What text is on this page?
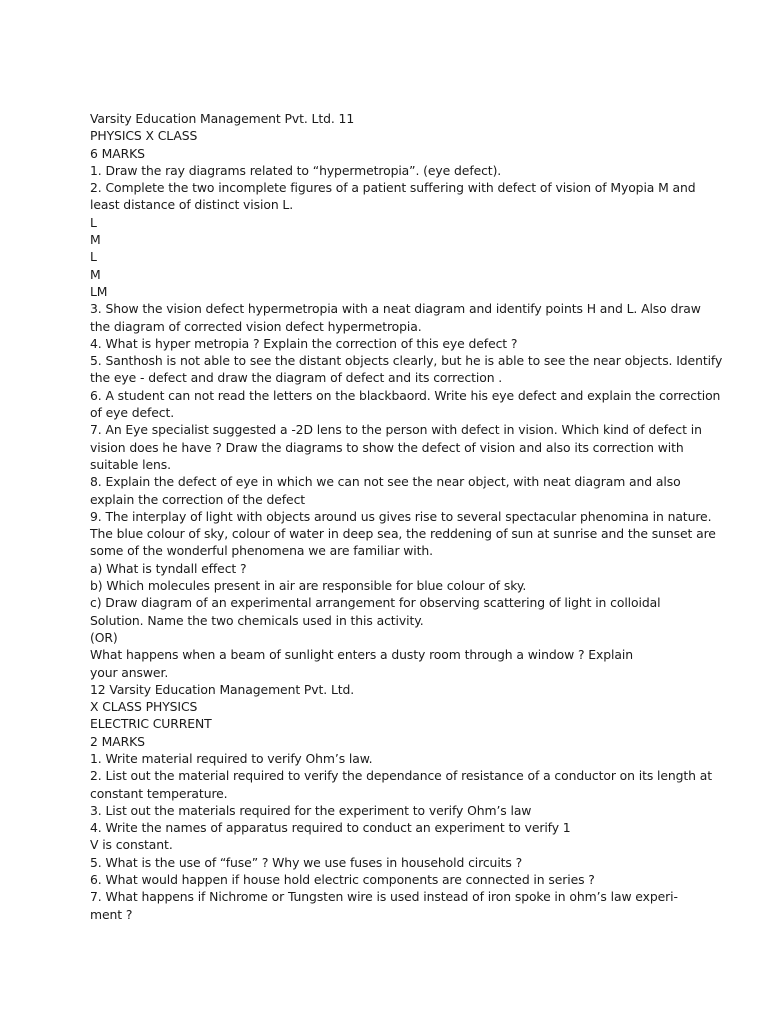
Varsity Education Management Pvt. Ltd. 11
PHYSICS X CLASS
6 MARKS
1. Draw the ray diagrams related to “hypermetropia”. (eye defect).
2. Complete the two incomplete figures of a patient suffering with defect of vision of Myopia M and
least distance of distinct vision L.
L
M
L
M
LM
3. Show the vision defect hypermetropia with a neat diagram and identify points H and L. Also draw
the diagram of corrected vision defect hypermetropia.
4. What is hyper metropia ? Explain the correction of this eye defect ?
5. Santhosh is not able to see the distant objects clearly, but he is able to see the near objects. Identify
the eye - defect and draw the diagram of defect and its correction .
6. A student can not read the letters on the blackbaord. Write his eye defect and explain the correction
of eye defect.
7. An Eye specialist suggested a -2D lens to the person with defect in vision. Which kind of defect in
vision does he have ? Draw the diagrams to show the defect of vision and also its correction with
suitable lens.
8. Explain the defect of eye in which we can not see the near object, with neat diagram and also
explain the correction of the defect
9. The interplay of light with objects around us gives rise to several spectacular phenomina in nature.
The blue colour of sky, colour of water in deep sea, the reddening of sun at sunrise and the sunset are
some of the wonderful phenomena we are familiar with.
a) What is tyndall effect ?
b) Which molecules present in air are responsible for blue colour of sky.
c) Draw diagram of an experimental arrangement for observing scattering of light in colloidal
Solution. Name the two chemicals used in this activity.
(OR)
What happens when a beam of sunlight enters a dusty room through a window ? Explain
your answer.
12 Varsity Education Management Pvt. Ltd.
X CLASS PHYSICS
ELECTRIC CURRENT
2 MARKS
1. Write material required to verify Ohm’s law.
2. List out the material required to verify the dependance of resistance of a conductor on its length at
constant temperature.
3. List out the materials required for the experiment to verify Ohm’s law
4. Write the names of apparatus required to conduct an experiment to verify 1
V is constant.
5. What is the use of “fuse” ? Why we use fuses in household circuits ?
6. What would happen if house hold electric components are connected in series ?
7. What happens if Nichrome or Tungsten wire is used instead of iron spoke in ohm’s law experi-
ment ?
